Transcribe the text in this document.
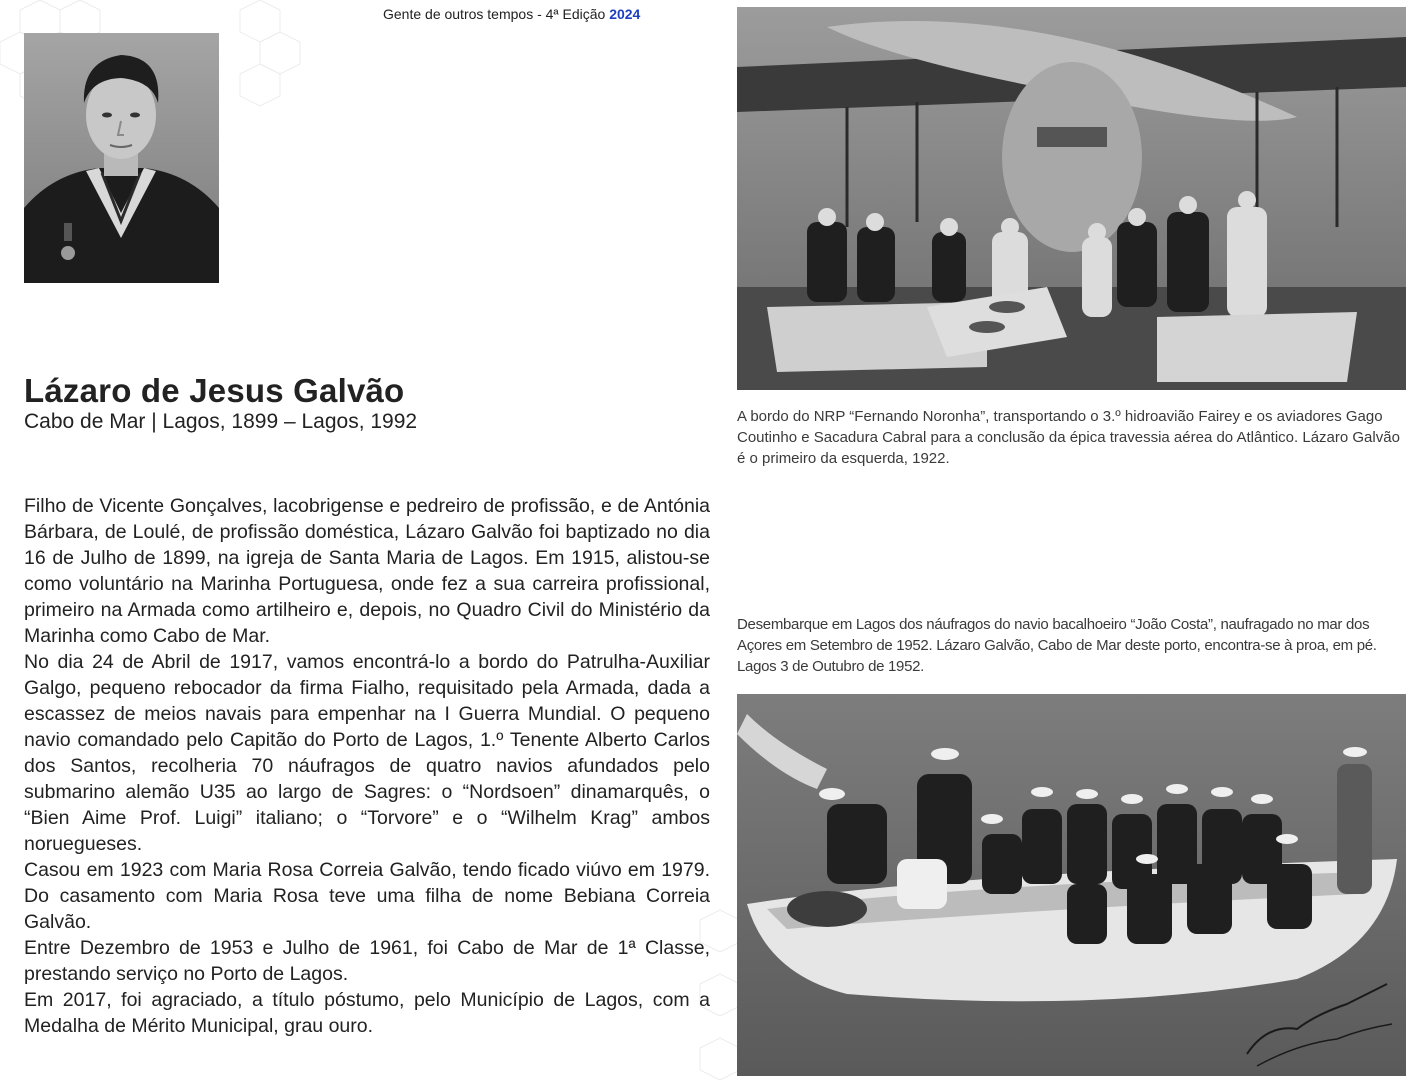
Gente de outros tempos - 4ª Edição 2024
Lázaro de Jesus Galvão
Cabo de Mar | Lagos, 1899 – Lagos, 1992

Filho de Vicente Gonçalves, lacobrigense e pedreiro de profissão, e de Antónia Bárbara, de Loulé, de profissão doméstica, Lázaro Galvão foi baptizado no dia 16 de Julho de 1899, na igreja de Santa Maria de Lagos. Em 1915, alistou-se como voluntário na Marinha Portuguesa, onde fez a sua carreira profissional, primeiro na Armada como artilheiro e, depois, no Quadro Civil do Ministério da Marinha como Cabo de Mar.

No dia 24 de Abril de 1917, vamos encontrá-lo a bordo do Patrulha-Auxiliar Galgo, pequeno rebocador da firma Fialho, requisitado pela Armada, dada a escassez de meios navais para empenhar na I Guerra Mundial. O pequeno navio comandado pelo Capitão do Porto de Lagos, 1.º Tenente Alberto Carlos dos Santos, recolheria 70 náufragos de quatro navios afundados pelo submarino alemão U35 ao largo de Sagres: o “Nordsoen” dinamarquês, o “Bien Aime Prof. Luigi” italiano; o “Torvore” e o “Wilhelm Krag” ambos noruegueses.

Casou em 1923 com Maria Rosa Correia Galvão, tendo ficado viúvo em 1979. Do casamento com Maria Rosa teve uma filha de nome Bebiana Correia Galvão.

Entre Dezembro de 1953 e Julho de 1961, foi Cabo de Mar de 1ª Classe, prestando serviço no Porto de Lagos.

Em 2017, foi agraciado, a título póstumo, pelo Município de Lagos, com a Medalha de Mérito Municipal, grau ouro.

A bordo do NRP “Fernando Noronha”, transportando o 3.º hidroavião Fairey e os aviadores Gago Coutinho e Sacadura Cabral para a conclusão da épica travessia aérea do Atlântico. Lázaro Galvão é o primeiro da esquerda, 1922.
Desembarque em Lagos dos náufragos do navio bacalhoeiro “João Costa”, naufragado no mar dos Açores em Setembro de 1952. Lázaro Galvão, Cabo de Mar deste porto, encontra-se à proa, em pé. Lagos 3 de Outubro de 1952.
